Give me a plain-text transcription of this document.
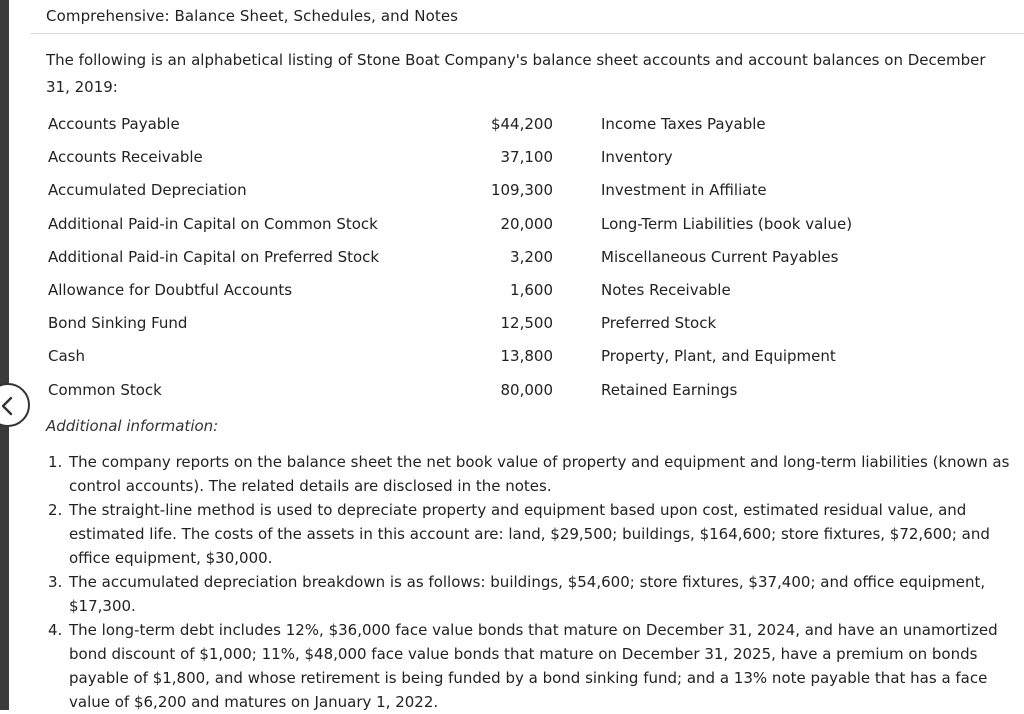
Comprehensive: Balance Sheet, Schedules, and Notes
The following is an alphabetical listing of Stone Boat Company's balance sheet accounts and account balances on December 31, 2019:
Accounts Payable	$44,200	Income Taxes Payable
Accounts Receivable	37,100	Inventory
Accumulated Depreciation	109,300	Investment in Affiliate
Additional Paid-in Capital on Common Stock	20,000	Long-Term Liabilities (book value)
Additional Paid-in Capital on Preferred Stock	3,200	Miscellaneous Current Payables
Allowance for Doubtful Accounts	1,600	Notes Receivable
Bond Sinking Fund	12,500	Preferred Stock
Cash	13,800	Property, Plant, and Equipment
Common Stock	80,000	Retained Earnings
Additional information:
1. The company reports on the balance sheet the net book value of property and equipment and long-term liabilities (known as control accounts). The related details are disclosed in the notes.
2. The straight-line method is used to depreciate property and equipment based upon cost, estimated residual value, and estimated life. The costs of the assets in this account are: land, $29,500; buildings, $164,600; store fixtures, $72,600; and office equipment, $30,000.
3. The accumulated depreciation breakdown is as follows: buildings, $54,600; store fixtures, $37,400; and office equipment, $17,300.
4. The long-term debt includes 12%, $36,000 face value bonds that mature on December 31, 2024, and have an unamortized bond discount of $1,000; 11%, $48,000 face value bonds that mature on December 31, 2025, have a premium on bonds payable of $1,800, and whose retirement is being funded by a bond sinking fund; and a 13% note payable that has a face value of $6,200 and matures on January 1, 2022.
